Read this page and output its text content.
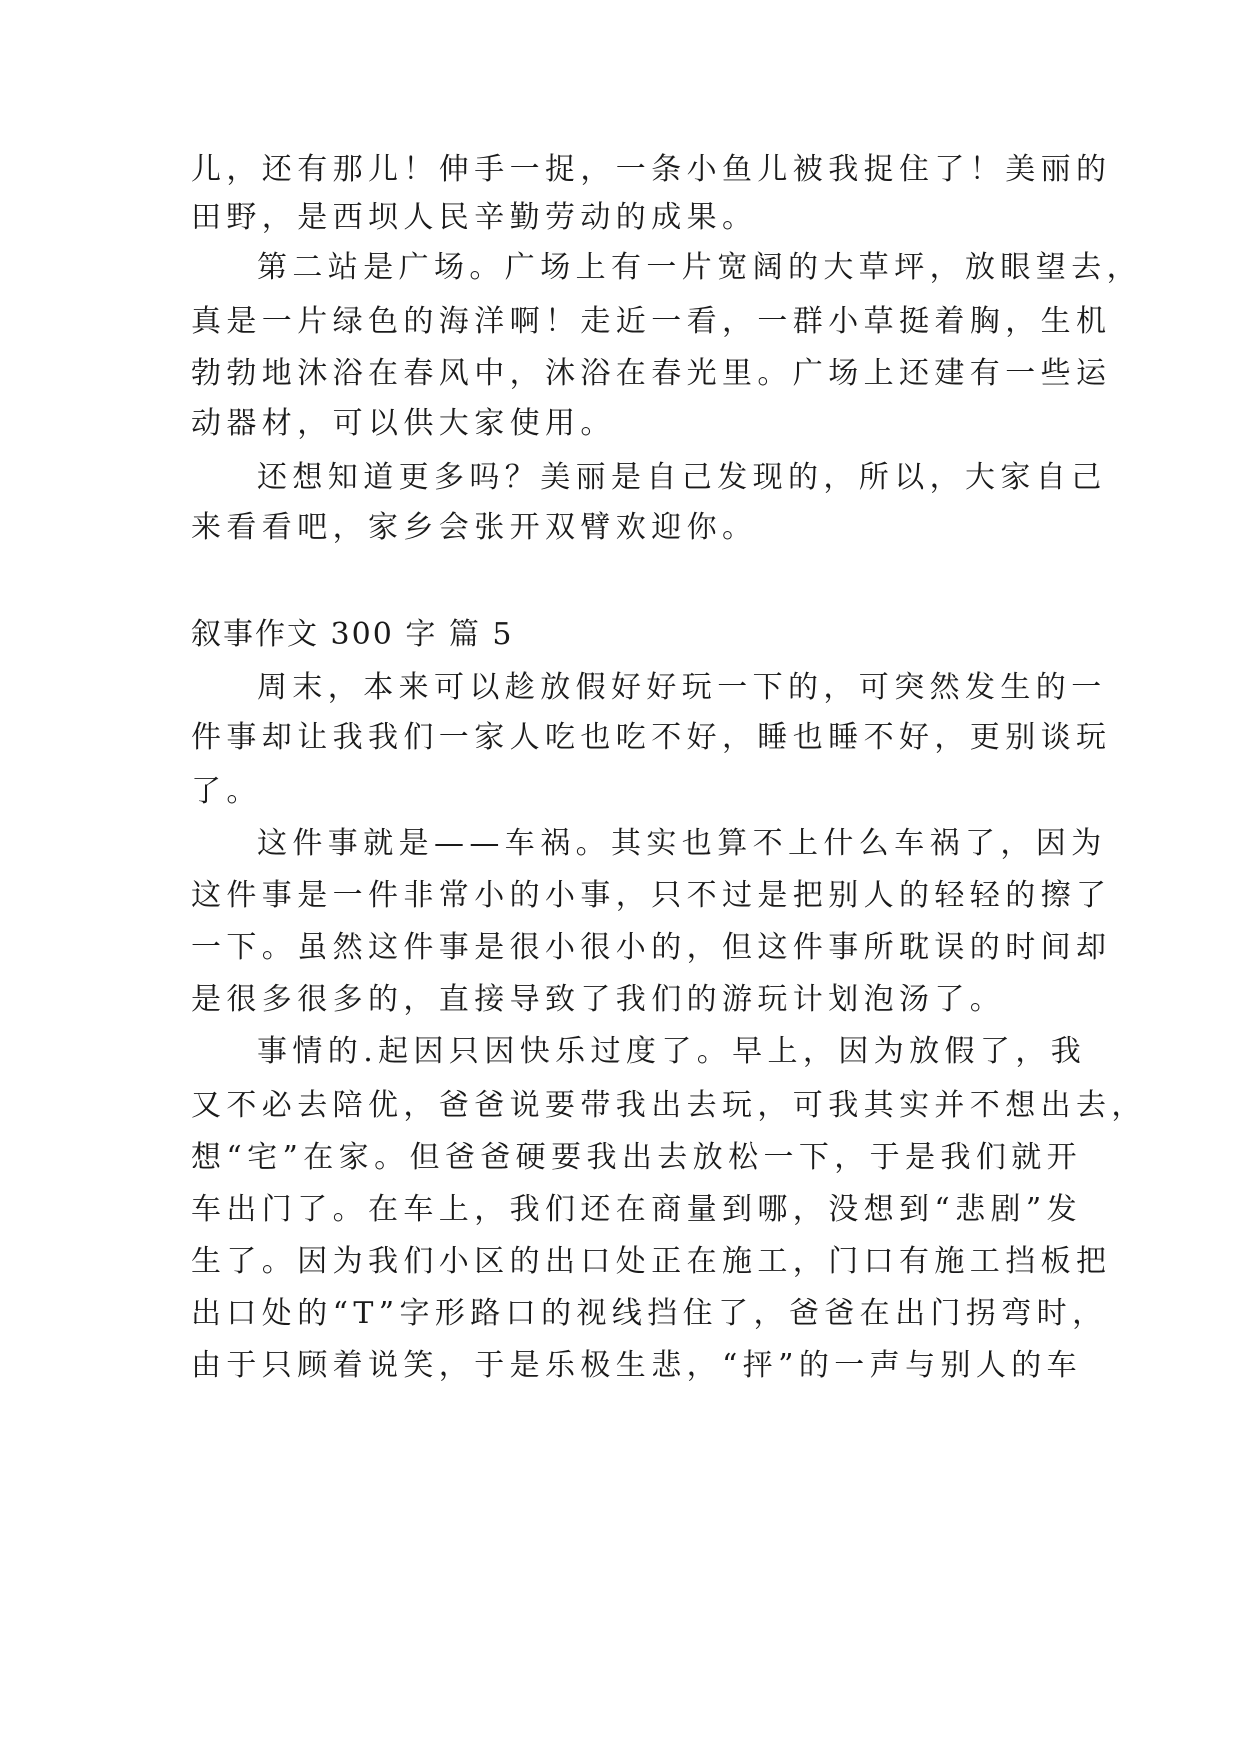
儿，还有那儿！伸手一捉，一条小鱼儿被我捉住了！美丽的

田野，是西坝人民辛勤劳动的成果。

第二站是广场。广场上有一片宽阔的大草坪，放眼望去，

真是一片绿色的海洋啊！走近一看，一群小草挺着胸，生机

勃勃地沐浴在春风中，沐浴在春光里。广场上还建有一些运

动器材，可以供大家使用。

还想知道更多吗？美丽是自己发现的，所以，大家自己

来看看吧，家乡会张开双臂欢迎你。

叙事作文 300 字 篇 5

周末，本来可以趁放假好好玩一下的，可突然发生的一

件事却让我我们一家人吃也吃不好，睡也睡不好，更别谈玩

了。

这件事就是——车祸。其实也算不上什么车祸了，因为

这件事是一件非常小的小事，只不过是把别人的轻轻的擦了

一下。虽然这件事是很小很小的，但这件事所耽误的时间却

是很多很多的，直接导致了我们的游玩计划泡汤了。

事情的.起因只因快乐过度了。早上，因为放假了，我

又不必去陪优，爸爸说要带我出去玩，可我其实并不想出去，

想“宅”在家。但爸爸硬要我出去放松一下，于是我们就开

车出门了。在车上，我们还在商量到哪，没想到“悲剧”发

生了。因为我们小区的出口处正在施工，门口有施工挡板把

出口处的“T”字形路口的视线挡住了，爸爸在出门拐弯时，

由于只顾着说笑，于是乐极生悲，“抨”的一声与别人的车
